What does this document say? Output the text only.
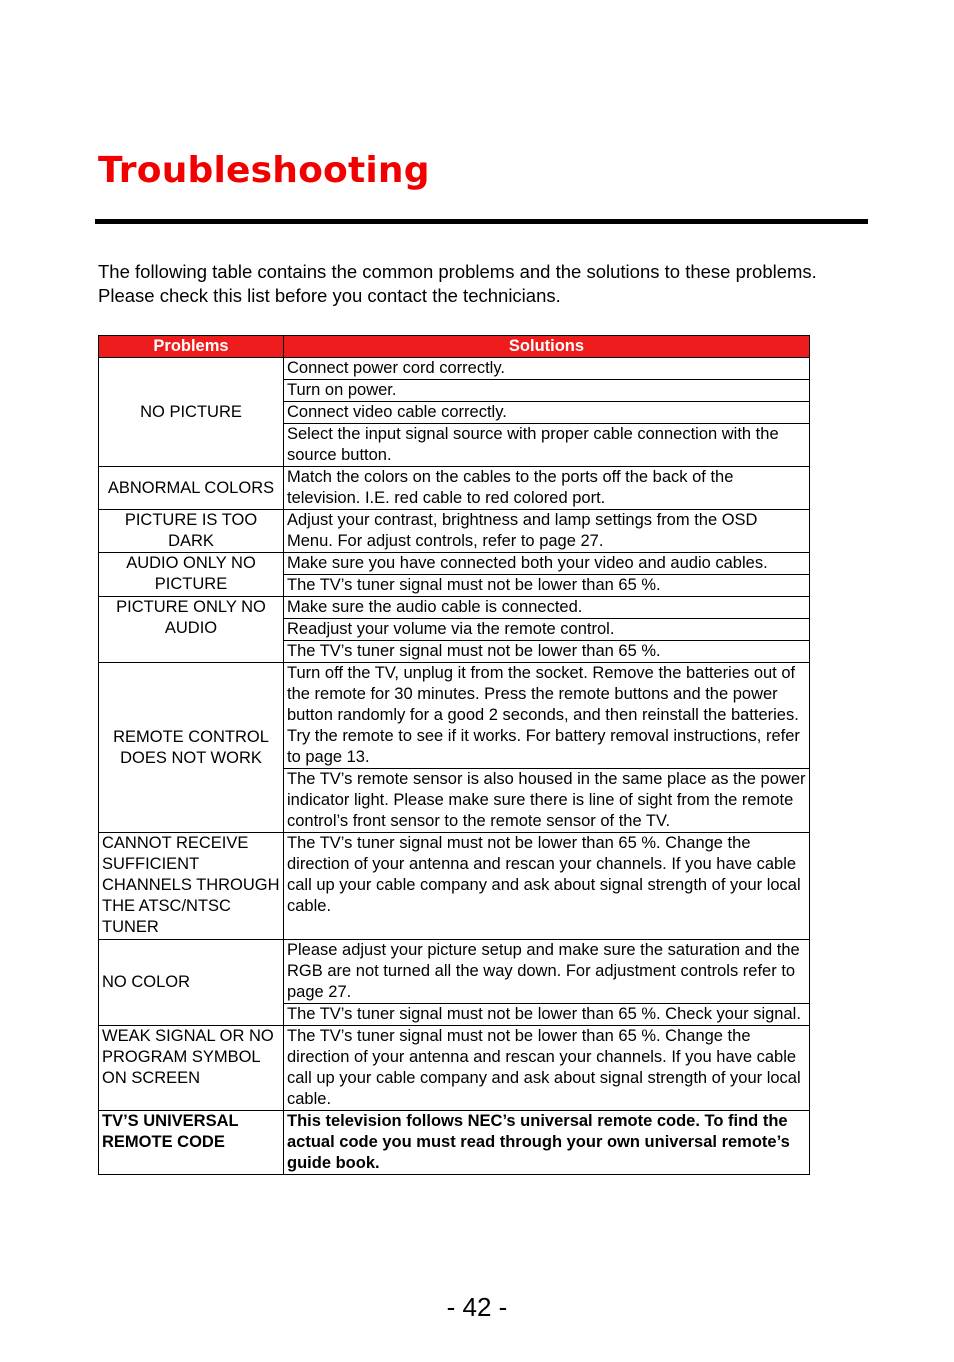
Troubleshooting

The following table contains the common problems and the solutions to these problems. Please check this list before you contact the technicians.

Problems	Solutions
NO PICTURE	Connect power cord correctly.
	Turn on power.
	Connect video cable correctly.
	Select the input signal source with proper cable connection with the source button.
ABNORMAL COLORS	Match the colors on the cables to the ports off the back of the television. I.E. red cable to red colored port.
PICTURE IS TOO DARK	Adjust your contrast, brightness and lamp settings from the OSD Menu. For adjust controls, refer to page 27.
AUDIO ONLY NO PICTURE	Make sure you have connected both your video and audio cables.
	The TV’s tuner signal must not be lower than 65 %.
PICTURE ONLY NO AUDIO	Make sure the audio cable is connected.
	Readjust your volume via the remote control.
	The TV’s tuner signal must not be lower than 65 %.
REMOTE CONTROL DOES NOT WORK	Turn off the TV, unplug it from the socket. Remove the batteries out of the remote for 30 minutes. Press the remote buttons and the power button randomly for a good 2 seconds, and then reinstall the batteries. Try the remote to see if it works. For battery removal instructions, refer to page 13.
	The TV’s remote sensor is also housed in the same place as the power indicator light. Please make sure there is line of sight from the remote control’s front sensor to the remote sensor of the TV.
CANNOT RECEIVE SUFFICIENT CHANNELS THROUGH THE ATSC/NTSC TUNER	The TV’s tuner signal must not be lower than 65 %. Change the direction of your antenna and rescan your channels. If you have cable call up your cable company and ask about signal strength of your local cable.
NO COLOR	Please adjust your picture setup and make sure the saturation and the RGB are not turned all the way down. For adjustment controls refer to page 27.
	The TV’s tuner signal must not be lower than 65 %. Check your signal.
WEAK SIGNAL OR NO PROGRAM SYMBOL ON SCREEN	The TV’s tuner signal must not be lower than 65 %. Change the direction of your antenna and rescan your channels. If you have cable call up your cable company and ask about signal strength of your local cable.
TV’S UNIVERSAL REMOTE CODE	This television follows NEC’s universal remote code. To find the actual code you must read through your own universal remote’s guide book.
- 42 -
